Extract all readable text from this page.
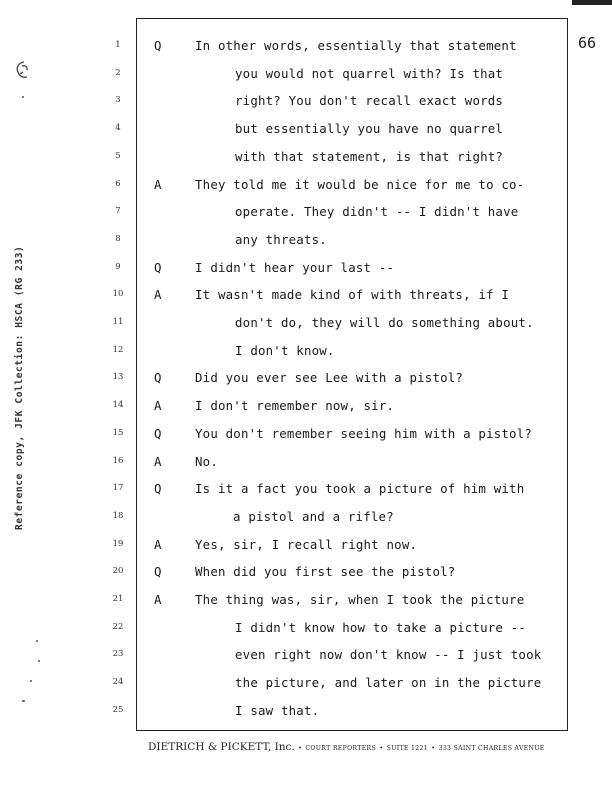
66
Reference copy, JFK Collection: HSCA (RG 233)
1	Q	In other words, essentially that statement
2	you would not quarrel with? Is that
3	right? You don't recall exact words
4	but essentially you have no quarrel
5	with that statement, is that right?
6	A	They told me it would be nice for me to co-
7	operate. They didn't -- I didn't have
8	any threats.
9	Q	I didn't hear your last --
10	A	It wasn't made kind of with threats, if I
11	don't do, they will do something about.
12	I don't know.
13	Q	Did you ever see Lee with a pistol?
14	A	I don't remember now, sir.
15	Q	You don't remember seeing him with a pistol?
16	A	No.
17	Q	Is it a fact you took a picture of him with
18	a pistol and a rifle?
19	A	Yes, sir, I recall right now.
20	Q	When did you first see the pistol?
21	A	The thing was, sir, when I took the picture
22	I didn't know how to take a picture --
23	even right now don't know -- I just took
24	the picture, and later on in the picture
25	I saw that.
DIETRICH & PICKETT, Inc. • COURT REPORTERS • SUITE 1221 • 333 SAINT CHARLES AVENUE
